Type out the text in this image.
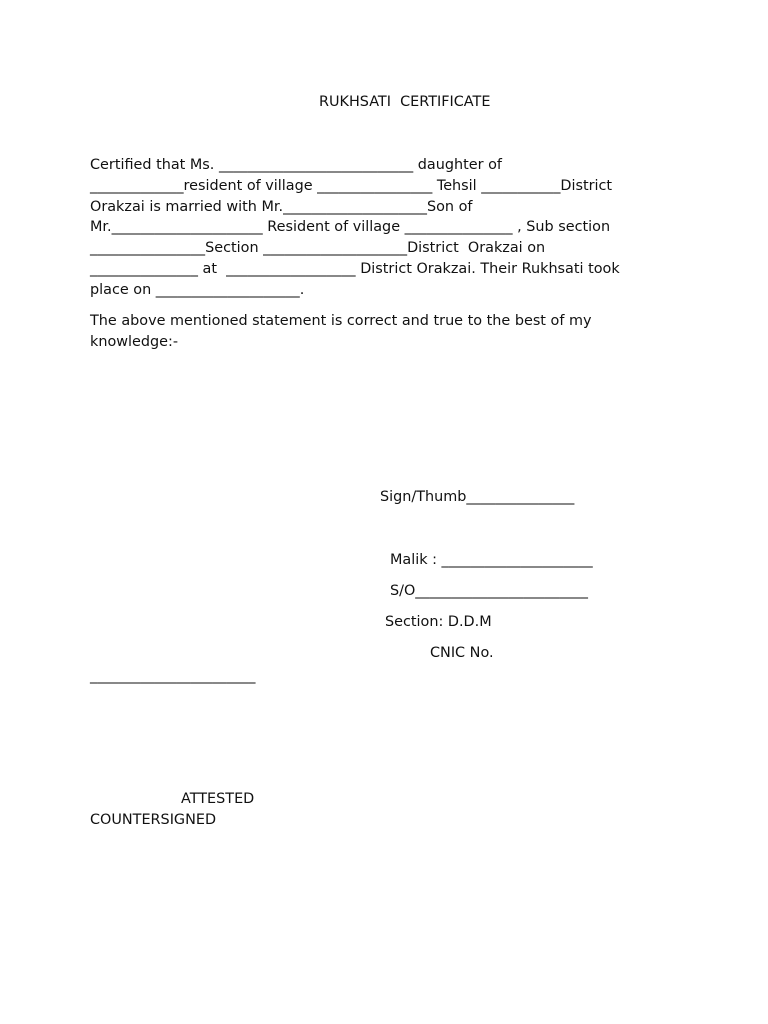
RUKHSATI  CERTIFICATE

Certified that Ms. ___________________________ daughter of

_____________resident of village ________________ Tehsil ___________District

Orakzai is married with Mr.____________________Son of

Mr._____________________ Resident of village _______________ , Sub section

________________Section ____________________District  Orakzai on

_______________ at  __________________ District Orakzai. Their Rukhsati took

place on ____________________.

The above mentioned statement is correct and true to the best of my

knowledge:-

Sign/Thumb_______________

Malik : _____________________

S/O________________________

Section: D.D.M

CNIC No.

_______________________

ATTESTED

COUNTERSIGNED
